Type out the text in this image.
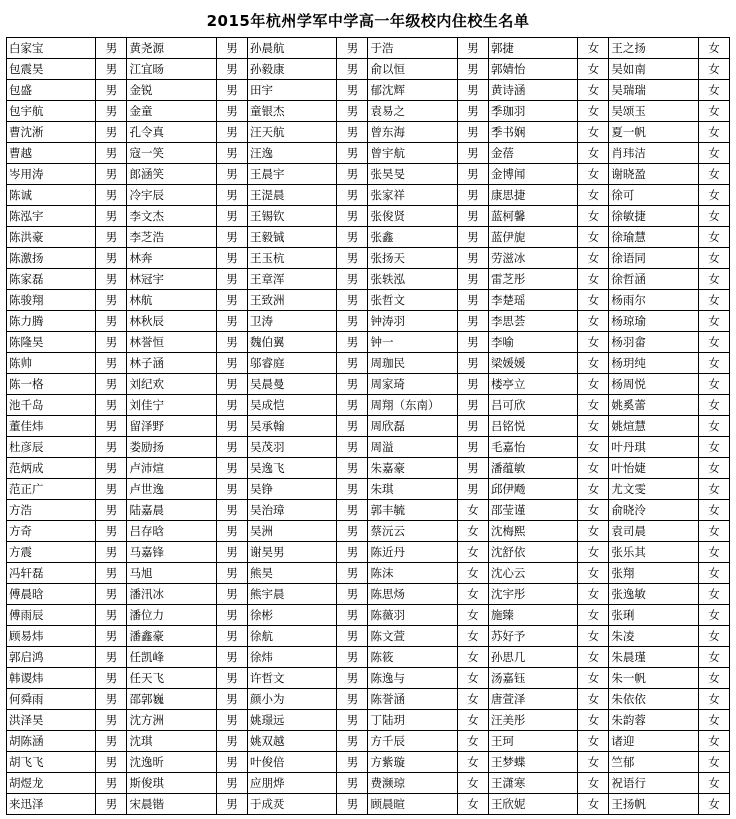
2015年杭州学军中学高一年级校内住校生名单
白家宝	男	黄尧源	男	孙晨航	男	于浩	男	郭捷	女	王之扬	女
包震昊	男	江宜旸	男	孙毅康	男	俞以恒	男	郭婧怡	女	吴如南	女
包盛	男	金锐	男	田宇	男	郁沈辉	男	黄诗涵	女	吴瑞瑞	女
包宇航	男	金童	男	童银杰	男	袁易之	男	季珈羽	女	吴颂玉	女
曹沈淅	男	孔令真	男	汪天航	男	曾东海	男	季书娴	女	夏一帆	女
曹越	男	寇一笑	男	汪逸	男	曾宇航	男	金蓓	女	肖玮洁	女
岑用涛	男	郎涵笑	男	王晨宇	男	张昊旻	男	金博闻	女	谢晓盈	女
陈诚	男	冷宇辰	男	王湜晨	男	张家祥	男	康思捷	女	徐可	女
陈泓宇	男	李文杰	男	王锡钦	男	张俊贤	男	蓝柯馨	女	徐敏捷	女
陈洪豪	男	李芝浩	男	王毅铖	男	张鑫	男	蓝伊旎	女	徐瑜慧	女
陈激扬	男	林奔	男	王玉杭	男	张扬天	男	劳滋冰	女	徐语同	女
陈家磊	男	林冠宇	男	王章浑	男	张轶泓	男	雷芝彤	女	徐哲涵	女
陈骏翔	男	林航	男	王致洲	男	张哲文	男	李楚瑶	女	杨雨尔	女
陈力腾	男	林秋辰	男	卫涛	男	钟涛羽	男	李思荟	女	杨琼瑜	女
陈隆昊	男	林誉恒	男	魏伯翼	男	钟一	男	李喻	女	杨羽畲	女
陈帅	男	林子涵	男	邬睿庭	男	周珈民	男	梁媛媛	女	杨玥纯	女
陈一格	男	刘纪欢	男	吴晨曼	男	周家琦	男	楼亭立	女	杨周悦	女
池千岛	男	刘佳宁	男	吴成恺	男	周翔（东南）	男	吕可欣	女	姚奚蕾	女
董佳炜	男	留泽野	男	吴承翰	男	周欣磊	男	吕铭悦	女	姚煊慧	女
杜彦辰	男	娄励扬	男	吴茂羽	男	周溢	男	毛嘉怡	女	叶丹琪	女
范炳成	男	卢沛煊	男	吴逸飞	男	朱嘉豪	男	潘蕴敏	女	叶怡婕	女
范正广	男	卢世逸	男	吴铮	男	朱琪	男	邱伊飏	女	尤文雯	女
方浩	男	陆嘉晨	男	吴治璋	男	郭丰毓	女	邵莹谨	女	俞晓泠	女
方奇	男	吕存晗	男	吴洲	男	蔡沅云	女	沈梅熙	女	袁司晨	女
方震	男	马嘉锋	男	谢昊男	男	陈近丹	女	沈舒依	女	张乐其	女
冯轩磊	男	马旭	男	熊昊	男	陈沫	女	沈心云	女	张翔	女
傅晨晗	男	潘汛冰	男	熊宇晨	男	陈思炀	女	沈宇彤	女	张逸敏	女
傅雨辰	男	潘位力	男	徐彬	男	陈薇羽	女	施臻	女	张琍	女
顾易炜	男	潘鑫豪	男	徐航	男	陈文萱	女	苏好予	女	朱凌	女
郭启鸿	男	任凯峰	男	徐炜	男	陈筱	女	孙思几	女	朱晨瑾	女
韩谡炜	男	任天飞	男	许哲文	男	陈逸与	女	汤嘉钰	女	朱一帆	女
何舜雨	男	邵郭巍	男	颜小为	男	陈誉涵	女	唐萱泽	女	朱依依	女
洪泽昊	男	沈方洲	男	姚璟远	男	丁陆玥	女	汪美彤	女	朱韵蓉	女
胡陈涵	男	沈琪	男	姚双越	男	方千辰	女	王珂	女	诸迎	女
胡飞飞	男	沈逸昕	男	叶俊倍	男	方紫璇	女	王梦蝶	女	竺郁	女
胡煜龙	男	斯俊琪	男	应朋烨	男	费濒琼	女	王潇寒	女	祝语行	女
来迅泽	男	宋晨锴	男	于成烎	男	顾晨暄	女	王欣妮	女	王扬帆	女
